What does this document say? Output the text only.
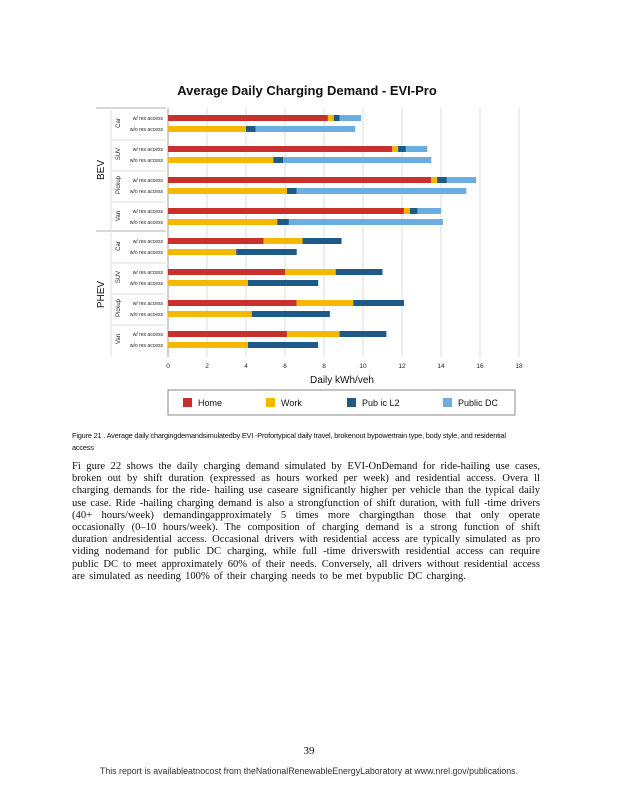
Average Daily Charging Demand - EVI-Pro
w/ res access
w/o res access
Car
w/ res access
w/o res access
SUV
w/ res access
w/o res access
Pickup
w/ res access
w/o res access
Van
BEV
w/ res access
w/o res access
Car
w/ res access
w/o res access
SUV
w/ res access
w/o res access
Pickup
w/ res access
w/o res access
Van
PHEV
0	2	4	6	8	10	12	14	16	18
Daily kWh/veh
Home	Work	Pub ic L2	Public DC
Figure 21 . Average daily chargingdemandsimulatedby EVI -Profortypical daily travel, brokenout bypowertrain type, body style, and residential access
Fi gure 22 shows the daily charging demand simulated by EVI-OnDemand for ride-hailing use cases, broken out by shift duration (expressed as hours worked per week) and residential access. Overa ll charging demands for the ride- hailing use caseare significantly higher per vehicle than the typical daily use case. Ride -hailing charging demand is also a strongfunction of shift duration, with full -time drivers (40+ hours/week) demandingapproximately 5 times more chargingthan those that only operate occasionally (0–10 hours/week). The composition of charging demand is a strong function of shift duration andresidential access. Occasional drivers with residential access are typically simulated as pro viding nodemand for public DC charging, while full -time driverswith residential access can require public DC to meet approximately 60% of their needs. Conversely, all drivers without residential access are simulated as needing 100% of their charging needs to be met bypublic DC charging.
39
This report is availableatnocost from theNationalRenewableEnergyLaboratory at www.nrel.gov/publications.
